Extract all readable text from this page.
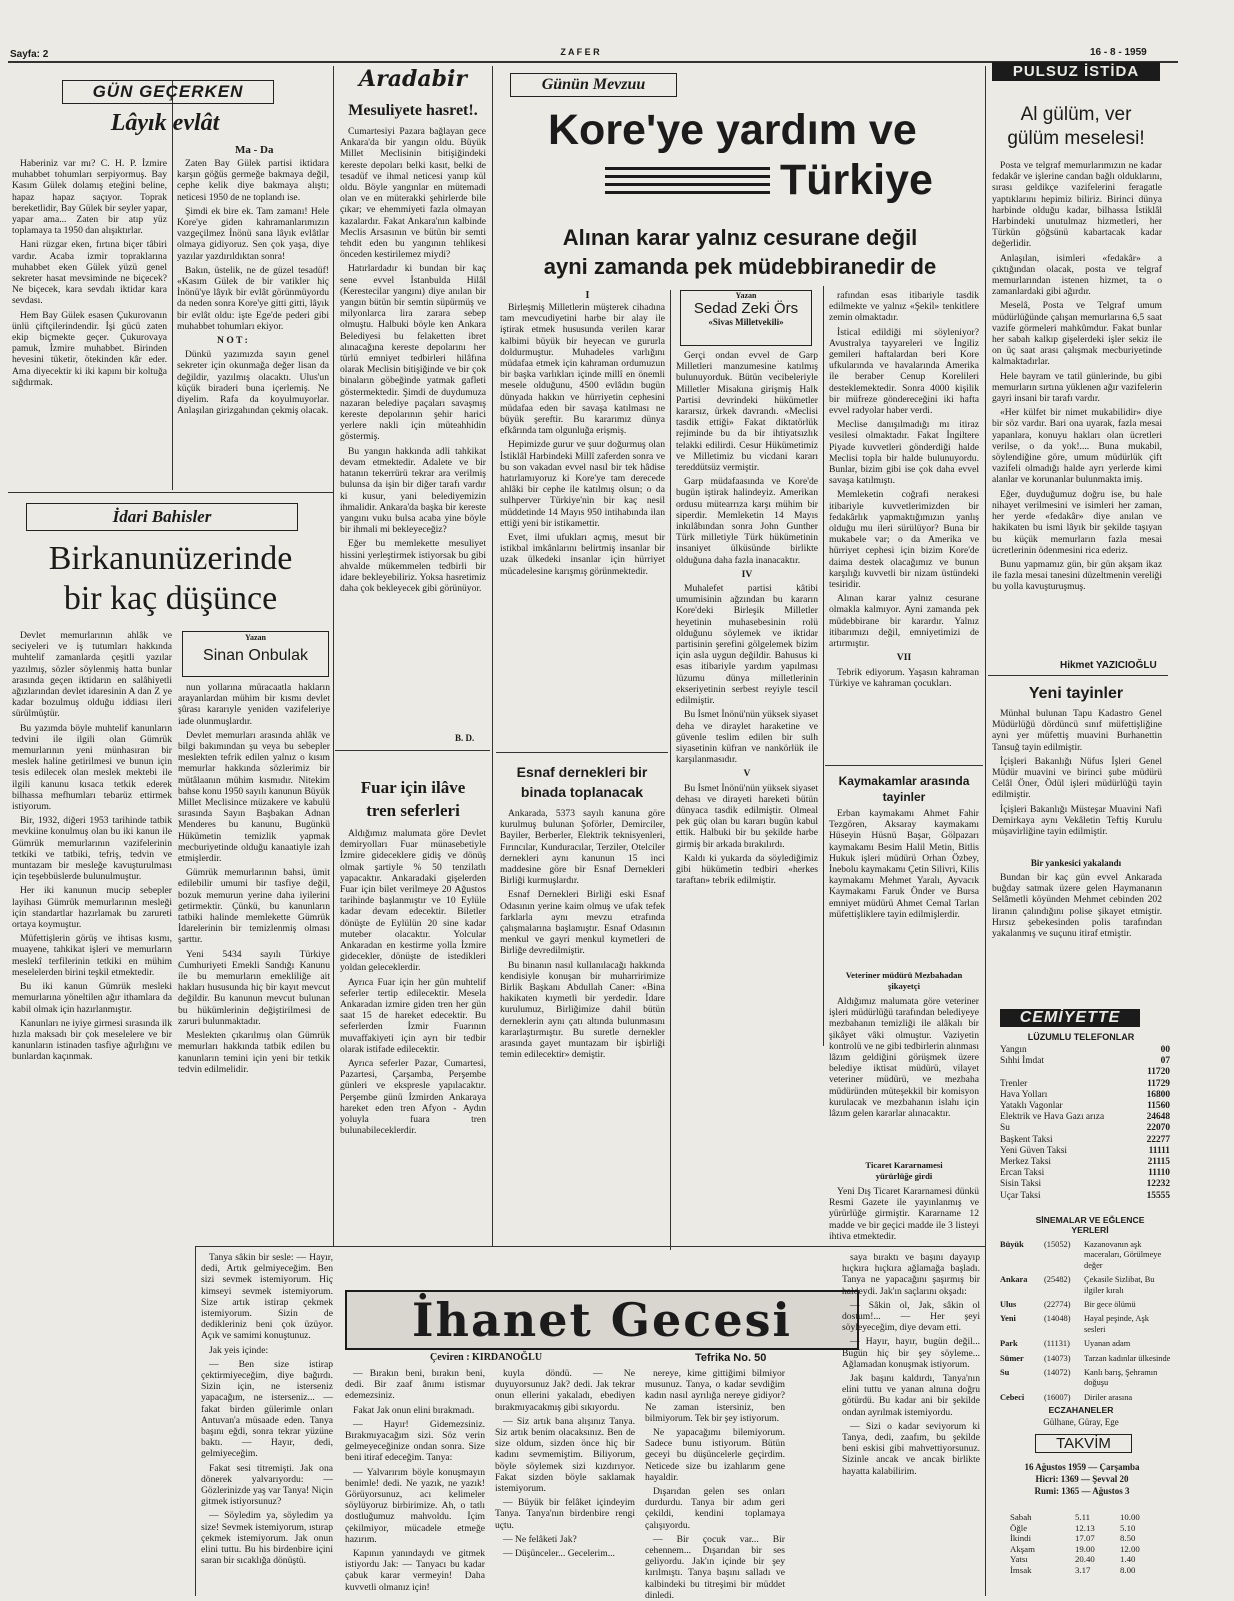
Sayfa: 2	Z A F E R	16 - 8 - 1959
GÜN GEÇERKEN
Lâyık evlât
Ma - Da

Haberiniz var mı? C. H. P. İzmire muhabbet tohumları serpiyormuş. Bay Kasım Gülek dolamış eteğini beline, hapaz hapaz saçıyor. Toprak bereketlidir, Bay Gülek bir seyler yapar, yapar ama... Zaten bir atıp yüz toplamaya ta 1950 dan alışıktırlar.

Hani rüzgar eken, fırtına biçer tâbiri vardır. Acaba izmir topraklarına muhabbet eken Gülek yüzü genel sekreter hasat mevsiminde ne biçecek? Ne biçecek, kara sevdalı iktidar kara sevdası.

Hem Bay Gülek esasen Çukurovanın ünlü çiftçilerindendir. İşi gücü zaten ekip biçmekte geçer. Çukurovaya pamuk, İzmire muhabbet. Birinden hevesini tüketir, ötekinden kâr eder. Ama diyecektir ki iki kapını bir koltuğa sığdırmak.

Zaten Bay Gülek partisi iktidara karşın göğüs germeğe bakmaya değil, cephe kelik diye bakmaya alıştı; neticesi 1950 de ne toplandı ise.

Şimdi ek bire ek. Tam zamanı! Hele Kore'ye giden kahramanlarımızın vazgeçilmez İnönü sana lâyık evlâtlar olmaya gidiyoruz. Sen çok yaşa, diye yazılar yazdırıldıktan sonra!

Bakın, üstelik, ne de güzel tesadüf! «Kasım Gülek de bir vatikler hiç İnönü'ye lâyık bir evlât görünmüyordu da neden sonra Kore'ye gitti gitti, lâyık bir evlât oldu: işte Ege'de pederi gibi muhabbet tohumları ekiyor.

N O T :

Dünkü yazımızda sayın genel sekreter için okunmağa değer lisan da değildir, yazılmış olacaktı. Ulus'un küçük biraderi buna içerlemiş. Ne diyelim. Rafa da koyulmuyorlar. Anlaşılan girizgahından çekmiş olacak.

İdari Bahisler
Birkanunüzerinde
bir kaç düşünce
Yazan
Sinan Onbulak

Devlet memurlarının ahlâk ve seciyeleri ve iş tutumları hakkında muhtelif zamanlarda çeşitli yazılar yazılmış, sözler söylenmiş hatta bunlar arasında geçen iktidarın en salâhiyetli ağızlarından devlet idaresinin A dan Z ye kadar bozulmuş olduğu iddiası ileri sürülmüştür.

Bu yazımda böyle muhtelif kanunların tedvini ile ilgili olan Gümrük memurlarının yeni münhasıran bir meslek haline getirilmesi ve bunun için tesis edilecek olan meslek mektebi ile ilgili kanunu kısaca tetkik ederek bilhassa mefhumları tebarüz ettirmek istiyorum.

Bir, 1932, diğeri 1953 tarihinde tatbik mevkiine konulmuş olan bu iki kanun ile Gümrük memurlarının vazifelerinin tetkiki ve tatbiki, tefriş, tedvin ve muntazam bir mesleğe kavuşturulması için teşebbüslerde bulunulmuştur.

Her iki kanunun mucip sebepler layihası Gümrük memurlarının mesleği için standartlar hazırlamak bu zarureti ortaya koymuştur.

Müfettişlerin görüş ve ihtisas kısmı, muayene, tahkikat işleri ve memurların meslekî terfilerinin tetkiki en mühim meselelerden birini teşkil etmektedir.

Bu iki kanun Gümrük mesleki memurlarına yöneltilen ağır ithamlara da kabil olmak için hazırlanmıştır.

Kanunları ne iyiye girmesi sırasında ilk hızla maksadı bir çok meselelere ve bir kanunların istinaden tasfiye ağırlığını ve bunlardan kaçınmak.

nun yollarına müracaatla hakların arayanlardan mühim bir kısmı devlet şûrası kararıyle yeniden vazifeleriye iade olunmuşlardır.

Devlet memurları arasında ahlâk ve bilgi bakımından şu veya bu sebepler meslekten tefrik edilen yalnız o kısım memurlar hakkında sözlerimiz bir mütâlaanın mühim kısmıdır. Nitekim bahse konu 1950 sayılı kanunun Büyük Millet Meclisince müzakere ve kabulü sırasında Sayın Başbakan Adnan Menderes bu kanunu, Bugünkü Hükümetin temizlik yapmak mecburiyetinde olduğu kanaatiyle izah etmişlerdir.

Gümrük memurlarının bahsi, ümit edilebilir umumi bir tasfiye değil, bozuk memurun yerine daha iyilerini getirmektir. Çünkü, bu kanunların tatbiki halinde memlekette Gümrük İdarelerinin bir temizlenmiş olması şarttır.

Yeni 5434 sayılı Türkiye Cumhuriyeti Emekli Sandığı Kanunu ile bu memurların emekliliğe ait hakları hususunda hiç bir kayıt mevcut değildir. Bu kanunun mevcut bulunan bu hükümlerinin değiştirilmesi de zaruri bulunmaktadır.

Meslekten çıkarılmış olan Gümrük memurları hakkında tatbik edilen bu kanunların temini için yeni bir tetkik tedvin edilmelidir.

Aradabir
Mesuliyete hasret!.

Cumartesiyi Pazara bağlayan gece Ankara'da bir yangın oldu. Büyük Millet Meclisinin bitişiğindeki kereste depoları belki kasıt, belki de tesadüf ve ihmal neticesi yanıp kül oldu. Böyle yangınlar en mütemadi olan ve en müterakki şehirlerde bile çıkar; ve ehemmiyeti fazla olmayan kazalardır. Fakat Ankara'nın kalbinde Meclis Arsasının ve bütün bir semti tehdit eden bu yangının tehlikesi önceden kestirilemez miydi?

Hatırlardadır ki bundan bir kaç sene evvel İstanbulda Hilâl (Kerestecilar yangını) diye anılan bir yangın bütün bir semtin süpürmüş ve milyonlarca lira zarara sebep olmuştu. Halbuki böyle ken Ankara Belediyesi bu felaketten ibret alınacağına kereste depolarını her türlü emniyet tedbirleri hilâfına olarak Meclisin bitişiğinde ve bir çok binaların göbeğinde yatmak gafleti göstermektedir. Şimdi de duydumuza nazaran belediye paçaları savaşmış kereste depolarının şehir harici yerlere nakli için müteahhidin göstermiş.

Bu yangın hakkında adli tahkikat devam etmektedir. Adalete ve bir hatanın tekerrürü tekrar ara verilmiş bulunsa da işin bir diğer tarafı vardır ki kusur, yani belediyemizin ihmalidir. Ankara'da başka bir kereste yangını vuku bulsa acaba yine böyle bir ihmali mi bekleyeceğiz?

Eğer bu memlekette mesuliyet hissini yerleştirmek istiyorsak bu gibi ahvalde mükemmelen tedbirli bir idare bekleyebiliriz. Yoksa hasretimiz daha çok bekleyecek gibi görünüyor.

B. D.
Fuar için ilâve
tren seferleri

Aldığımız malumata göre Devlet demiryolları Fuar münasebetiyle İzmire gideceklere gidiş ve dönüş olmak şartiyle % 50 tenzilatlı yapacaktır. Ankaradaki gişelerden Fuar için bilet verilmeye 20 Ağustos tarihinde başlanmıştır ve 10 Eylüle kadar devam edecektir. Biletler dönüşte de Eylülün 20 sine kadar muteber olacaktır. Yolcular Ankaradan en kestirme yolla İzmire gidecekler, dönüşte de istedikleri yoldan geleceklerdir.

Ayrıca Fuar için her gün muhtelif seferler tertip edilecektir. Mesela Ankaradan izmire giden tren her gün saat 15 de hareket edecektir. Bu seferlerden İzmir Fuarının muvaffakiyeti için ayrı bir tedbir olarak istifade edilecektir.

Ayrıca seferler Pazar, Cumartesi, Pazartesi, Çarşamba, Perşembe günleri ve ekspresle yapılacaktır. Perşembe günü İzmirden Ankaraya hareket eden tren Afyon - Aydın yoluyla fuara tren bulunabileceklerdir.

Günün Mevzuu
Kore'ye yardım ve
Türkiye
Alınan karar yalnız cesurane değil
ayni zamanda pek müdebbiranedir de
Yazan
Sedad Zeki Örs
«Sivas Milletvekili»
I

Birleşmiş Milletlerin müşterek cihadına tam mevcudiyetini harbe bir alay ile iştirak etmek hususunda verilen karar kalbimi büyük bir heyecan ve gururla doldurmuştur. Muhadeles varlığını müdafaa etmek için kahraman ordumuzun bir başka varlıkları içinde millî en önemli mesele olduğunu, 4500 evlâdın bugün dünyada hakkın ve hürriyetin cephesini müdafaa eden bir savaşa katılması ne büyük şereftir. Bu kararımız dünya efkârında tam olgunluğa erişmiş.

Hepimizde gurur ve şuur doğurmuş olan İstiklâl Harbindeki Millî zaferden sonra ve bu son vakadan evvel nasıl bir tek hâdise hatırlamıyoruz ki Kore'ye tam derecede ahlâki bir cephe ile katılmış olsun; o da sulhperver Türkiye'nin bir kaç nesil müddetinde 14 Mayıs 950 intihabında ilan ettiği yeni bir istikamettir.

Evet, ilmi ufukları açmış, mesut bir istikbal imkânlarını belirtmiş insanlar bir uzak ülkedeki insanlar için hürriyet mücadelesine karışmış görünmektedir.

Gerçi ondan evvel de Garp Milletleri manzumesine katılmış bulunuyorduk. Bütün vecibeleriyle Milletler Misakına girişmiş Halk Partisi devrindeki hükümetler kararsız, ürkek davrandı. «Meclisi tasdik ettiği» Fakat diktatörlük rejiminde bu da bir ihtiyatsızlık telakki edilirdi. Cesur Hükümetimiz ve Milletimiz bu vicdani kararı tereddütsüz vermiştir.

Garp müdafaasında ve Kore'de bugün iştirak halindeyiz. Amerikan ordusu mütearrıza karşı mühim bir siperdir. Memleketin 14 Mayıs inkılâbından sonra John Gunther Türk milletiyle Türk hükümetinin insaniyet ülküsünde birlikte olduğuna daha fazla inanacaktır.

IV

Muhalefet partisi kâtibi umumisinin ağzından bu kararın Kore'deki Birleşik Milletler heyetinin muhasebesinin rolü olduğunu söylemek ve iktidar partisinin şerefini gölgelemek bizim için asla uygun değildir. Bahusus ki esas itibariyle yardım yapılması lüzumu dünya milletlerinin ekseriyetinin serbest reyiyle tescil edilmiştir.

Bu İsmet İnönü'nün yüksek siyaset deha ve diraylet haraketine ve güvenle teslim edilen bir sulh siyasetinin küfran ve nankörlük ile karşılanmasıdır.

V

Bu İsmet İnönü'nün yüksek siyaset dehası ve dirayeti hareketi bütün dünyaca tasdik edilmiştir. Olmeal pek güç olan bu kararı bugün kabul ettik. Halbuki bir bu şekilde harbe girmiş bir arkada bırakılırdı.

Kaldı ki yukarda da söylediğimiz gibi hükümetin tedbiri «herkes taraftan» tebrik edilmiştir.

rafından esas itibariyle tasdik edilmekte ve yalnız «Şekil» tenkitlere zemin olmaktadır.

İstical edildiği mi söyleniyor? Avustralya tayyareleri ve İngiliz gemileri haftalardan beri Kore ufkularında ve havalarında Amerika ile beraber Cenup Korelileri desteklemektedir. Sonra 4000 kişilik bir müfreze göndereceğini iki hafta evvel radyolar haber verdi.

Meclise danışılmadığı mı itiraz vesilesi olmaktadır. Fakat İngiltere Piyade kuvvetleri gönderdiği halde Meclisi topla bir halde bulunuyordu. Bunlar, bizim gibi ise çok daha evvel savaşa katılmıştı.

Memleketin coğrafi nerakesi itibariyle kuvvetlerimizden bir fedakârlık yapmaktığımızın yanlış olduğu mu ileri sürülüyor? Buna bir mukabele var; o da Amerika ve hürriyet cephesi için bizim Kore'de daima destek olacağımız ve bunun karşılığı kuvvetli bir nizam üstündeki tesiridir.

Alınan karar yalnız cesurane olmakla kalmıyor. Ayni zamanda pek müdebbirane bir karardır. Yalnız itibarımızı değil, emniyetimizi de artırmıştır.

VII

Tebrik ediyorum. Yaşasın kahraman Türkiye ve kahraman çocukları.

Esnaf dernekleri bir
binada toplanacak

Ankarada, 5373 sayılı kanuna göre kurulmuş bulunan Şoförler, Demirciler, Bayiler, Berberler, Elektrik teknisyenleri, Fırıncılar, Kunduracılar, Terziler, Otelciler dernekleri aynı kanunun 15 inci maddesine göre bir Esnaf Dernekleri Birliği kurmuşlardır.

Esnaf Dernekleri Birliği eski Esnaf Odasının yerine kaim olmuş ve ufak tefek farklarla aynı mevzu etrafında çalışmalarına başlamıştır. Esnaf Odasının menkul ve gayri menkul kıymetleri de Birliğe devredilmiştir.

Bu binanın nasıl kullanılacağı hakkında kendisiyle konuşan bir muharririmize Birlik Başkanı Abdullah Caner: «Bina hakikaten kıymetli bir yerdedir. İdare kurulumuz, Birliğimize dahil bütün derneklerin aynı çatı altında bulunmasını kararlaştırmıştır. Bu suretle dernekler arasında gayet muntazam bir işbirliği temin edilecektir» demiştir.

Kaymakamlar arasında
tayinler
Erban kaymakamı Ahmet Fahir Tezgören, Aksaray kaymakamı Hüseyin Hüsnü Başar, Gölpazarı kaymakamı Besim Halil Metin, Bitlis Hukuk işleri müdürü Orhan Özbey, İnebolu kaymakamı Çetin Silivri, Kilis kaymakamı Mehmet Yaralı, Ayvacık Kaymakamı Faruk Önder ve Bursa emniyet müdürü Ahmet Cemal Tarlan müfettişliklere tayin edilmişlerdir.
Veteriner müdürü Mezbahadan
şikayetçi
Aldığımız malumata göre veteriner işleri müdürlüğü tarafından belediyeye mezbahanın temizliği ile alâkalı bir şikâyet vâki olmuştur. Vaziyetin kontrolü ve ne gibi tedbirlerin alınması lâzım geldiğini görüşmek üzere belediye iktisat müdürü, vilayet veteriner müdürü, ve mezbaha müdüründen müteşekkil bir komisyon kurulacak ve mezbahanın islahı için lâzım gelen kararlar alınacaktır.
Ticaret Kararnamesi
yürürlüğe girdi
Yeni Dış Ticaret Kararnamesi dünkü Resmi Gazete ile yayınlanmış ve yürürlüğe girmiştir. Kararname 12 madde ve bir geçici madde ile 3 listeyi ihtiva etmektedir.
PULSUZ İSTİDA
Al gülüm, ver
gülüm meselesi!

Posta ve telgraf memurlarımızın ne kadar fedakâr ve işlerine candan bağlı olduklarını, sırası geldikçe vazifelerini feragatle yaptıklarını hepimiz biliriz. Birinci dünya harbinde olduğu kadar, bilhassa İstiklâl Harbindeki unutulmaz hizmetleri, her Türkün göğsünü kabartacak kadar değerlidir.

Anlaşılan, isimleri «fedakâr» a çıktığından olacak, posta ve telgraf memurlarından istenen hizmet, ta o zamanlardaki gibi ağırdır.

Meselâ, Posta ve Telgraf umum müdürlüğünde çalışan memurlarına 6,5 saat vazife görmeleri mahkûmdur. Fakat bunlar her sabah kalkıp gişelerdeki işler sekiz ile on üç saat arası çalışmak mecburiyetinde kalmaktadırlar.

Hele bayram ve tatil günlerinde, bu gibi memurların sırtına yüklenen ağır vazifelerin gayri insani bir tarafı vardır.

«Her külfet bir nimet mukabilidir» diye bir söz vardır. Bari ona uyarak, fazla mesai yapanlara, konuyu hakları olan ücretleri verilse, o da yok!.... Buna mukabil, söylendiğine göre, umum müdürlük çift vazifeli olmadığı halde ayrı yerlerde kimi alanlar ve korunanlar bulunmakta imiş.

Eğer, duyduğumuz doğru ise, bu hale nihayet verilmesini ve isimleri her zaman, her yerde «fedakâr» diye anılan ve hakikaten bu ismi lâyık bir şekilde taşıyan bu küçük memurların fazla mesai ücretlerinin ödenmesini rica ederiz.

Bunu yapmamız gün, bir gün akşam ikaz ile fazla mesai tanesini düzeltmenin vereliği bu yolla kavuşturuşmuş.

Hikmet YAZICIOĞLU
Yeni tayinler

Münhal bulunan Tapu Kadastro Genel Müdürlüğü dördüncü sınıf müfettişliğine ayni yer müfettiş muavini Burhanettin Tansuğ tayin edilmiştir.

İçişleri Bakanlığı Nüfus İşleri Genel Müdür muavini ve birinci şube müdürü Celâl Öner, Ödül işleri müdürlüğü tayin edilmiştir.

İçişleri Bakanlığı Müsteşar Muavini Nafi Demirkaya aynı Vekâletin Teftiş Kurulu müşavirliğine tayin edilmiştir.

Bir yankesici yakalandı
Bundan bir kaç gün evvel Ankarada buğday satmak üzere gelen Haymananın Selâmetli köyünden Mehmet cebinden 202 liranın çalındığını polise şikayet etmiştir. Hırsız şebekesinden polis tarafından yakalanmış ve suçunu itiraf etmiştir.
CEMİYETTE
LÜZUMLU TELEFONLAR
Yangın	00
Sıhhi İmdat	07
11720
Trenler	11729
Hava Yolları	16800
Yataklı Vagonlar	11560
Elektrik ve Hava Gazı arıza	24648
Su	22070
Başkent Taksi	22277
Yeni Güven Taksi	11111
Merkez Taksi	21115
Ercan Taksi	11110
Sisin Taksi	12232
Uçar Taksi	15555
SİNEMALAR VE EĞLENCE YERLERİ
Büyük	(15052)	Kazanovanın aşk maceraları, Görülmeye değer
Ankara	(25482)	Çekasile Sizlibat, Bu ilgiler kıralı
Ulus	(22774)	Bir gece ölümü
Yeni	(14048)	Hayal peşinde, Aşk sesleri
Park	(11131)	Uyanan adam
Sümer	(14073)	Tarzan kadınlar ülkesinde
Su	(14072)	Kanlı barış, Şehramın doğuşu
Cebeci	(16007)	Diriler arasına
ECZAHANELER
Gülhane, Güray, Ege
TAKVİM
16 Ağustos 1959 — Çarşamba
Hicri: 1369 — Şevval 20
Rumi: 1365 — Ağustos 3
Sabah	5.11	10.00
Öğle	12.13	5.10
İkindi	17.07	8.50
Akşam	19.00	12.00
Yatsı	20.40	1.40
İmsak	3.17	8.00
İhanet Gecesi
Çeviren : KIRDANOĞLU	Tefrika No. 50

Tanya sâkin bir sesle: — Hayır, dedi, Artık gelmiyeceğim. Ben sizi sevmek istemiyorum. Hiç kimseyi sevmek istemiyorum. Size artık istirap çekmek istemiyorum. Sizin de dedikleriniz beni çok üzüyor. Açık ve samimi konuştunuz.

Jak yeis içinde:

— Ben size istirap çektirmiyeceğim, diye bağırdı. Sizin için, ne isterseniz yapacağım, ne isterseniz... — fakat birden gülerimle onları Antuvan'a müsaade eden. Tanya başını eğdi, sonra tekrar yüzüne baktı. — Hayır, dedi, gelmiyeceğim.

Fakat sesi titremişti. Jak ona dönerek yalvarıyordu: — Gözlerinizde yaş var Tanya! Niçin gitmek istiyorsunuz?

— Söyledim ya, söyledim ya size! Sevmek istemiyorum, ıstırap çekmek istemiyorum. Jak onun elini tuttu. Bu his birdenbire içini saran bir sıcaklığa dönüştü.

— Bırakın beni, bırakın beni, dedi. Bir zaaf ânımı istismar edemezsiniz.

Fakat Jak onun elini bırakmadı.

— Hayır! Gidemezsiniz. Bırakmıyacağım sizi. Söz verin gelmeyeceğinize ondan sonra. Size beni itiraf edeceğim. Tanya:

— Yalvarırım böyle konuşmayın benimle! dedi. Ne yazık, ne yazık! Görüyorsunuz, acı kelimeler söylüyoruz birbirimize. Ah, o tatlı dostluğumuz mahvoldu. İçim çekilmiyor, mücadele etmeğe hazırım.

Kapının yanındaydı ve gitmek istiyordu Jak: — Tanyacı bu kadar çabuk karar vermeyin! Daha kuvvetli olmanız için!

kuyla döndü. — Ne duyuyorsunuz Jak? dedi. Jak tekrar onun ellerini yakaladı, ebediyen bırakmıyacakmış gibi sıkıyordu.

— Siz artık bana alışınız Tanya. Siz artık benim olacaksınız. Ben de size oldum, sizden önce hiç bir kadını sevmemiştim. Biliyorum, böyle söylemek sizi kızdırıyor. Fakat sizden böyle saklamak istemiyorum.

— Büyük bir felâket içindeyim Tanya. Tanya'nın birdenbire rengi uçtu.

— Ne felâketi Jak?

— Düşünceler... Gecelerim...

nereye, kime gittiğimi bilmiyor musunuz. Tanya, o kadar sevdiğim kadın nasıl ayrılığa nereye gidiyor? Ne zaman istersiniz, ben bilmiyorum. Tek bir şey istiyorum.

Ne yapacağımı bilemiyorum. Sadece bunu istiyorum. Bütün geceyi bu düşüncelerle geçirdim. Neticede size bu izahlarım gene hayaldir.

Dışarıdan gelen ses onları durdurdu. Tanya bir adım geri çekildi, kendini toplamaya çalışıyordu.

— Bir çocuk var... Bir cehennem... Dışarıdan bir ses geliyordu. Jak'ın içinde bir şey kırılmıştı. Tanya başını salladı ve kalbindeki bu titreşimi bir müddet dinledi.

saya bıraktı ve başını dayayıp hıçkıra hıçkıra ağlamağa başladı. Tanya ne yapacağını şaşırmış bir haldeydi. Jak'ın saçlarını okşadı:

— Sâkin ol, Jak, sâkin ol dostum!... — Her şeyi söyleyeceğim, diye devam etti.

— Hayır, hayır, bugün değil... Bugün hiç bir şey söyleme... Ağlamadan konuşmak istiyorum.

Jak başını kaldırdı, Tanya'nın elini tuttu ve yanan alnına doğru götürdü. Bu kadar ani bir şekilde ondan ayrılmak istemiyordu.

— Sizi o kadar seviyorum ki Tanya, dedi, zaafım, bu şekilde beni eskisi gibi mahvettiyorsunuz. Sizinle ancak ve ancak birlikte hayatta kalabilirim.
